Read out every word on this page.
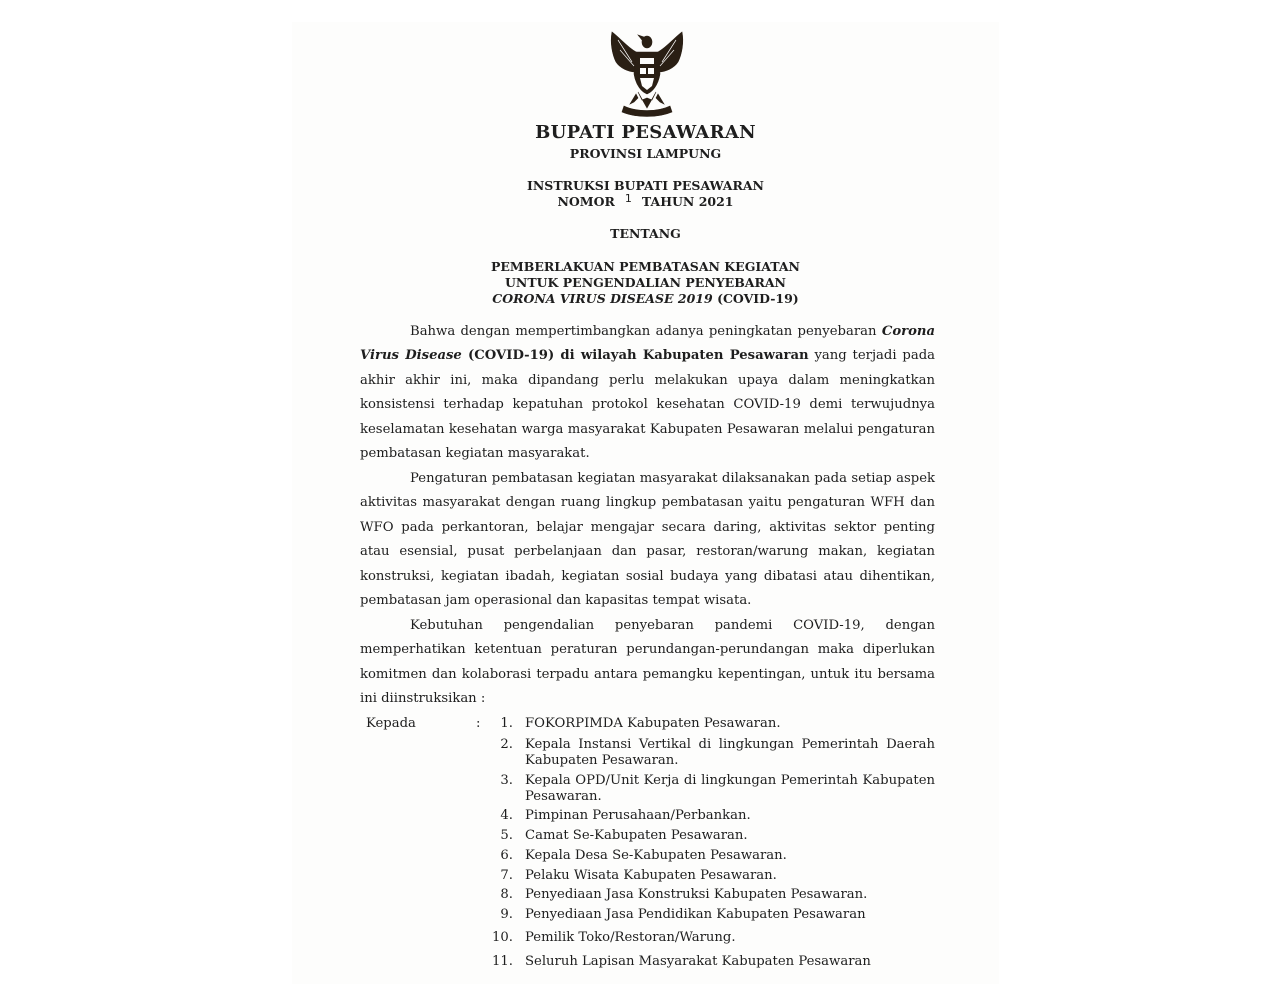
BUPATI PESAWARAN
PROVINSI LAMPUNG
INSTRUKSI BUPATI PESAWARAN
NOMOR 1 TAHUN 2021
TENTANG
PEMBERLAKUAN PEMBATASAN KEGIATAN
UNTUK PENGENDALIAN PENYEBARAN
CORONA VIRUS DISEASE 2019 (COVID-19)

Bahwa dengan mempertimbangkan adanya peningkatan penyebaran Corona Virus Disease (COVID-19) di wilayah Kabupaten Pesawaran yang terjadi pada akhir akhir ini, maka dipandang perlu melakukan upaya dalam meningkatkan konsistensi terhadap kepatuhan protokol kesehatan COVID-19 demi terwujudnya keselamatan kesehatan warga masyarakat Kabupaten Pesawaran melalui pengaturan pembatasan kegiatan masyarakat.

Pengaturan pembatasan kegiatan masyarakat dilaksanakan pada setiap aspek aktivitas masyarakat dengan ruang lingkup pembatasan yaitu pengaturan WFH dan WFO pada perkantoran, belajar mengajar secara daring, aktivitas sektor penting atau esensial, pusat perbelanjaan dan pasar, restoran/warung makan, kegiatan konstruksi, kegiatan ibadah, kegiatan sosial budaya yang dibatasi atau dihentikan, pembatasan jam operasional dan kapasitas tempat wisata.

Kebutuhan pengendalian penyebaran pandemi COVID-19, dengan memperhatikan ketentuan peraturan perundangan-perundangan maka diperlukan komitmen dan kolaborasi terpadu antara pemangku kepentingan, untuk itu bersama ini diinstruksikan :

Kepada	:	1. FOKORPIMDA Kabupaten Pesawaran.
2. Kepala Instansi Vertikal di lingkungan Pemerintah Daerah Kabupaten Pesawaran.
3. Kepala OPD/Unit Kerja di lingkungan Pemerintah Kabupaten Pesawaran.
4. Pimpinan Perusahaan/Perbankan.
5. Camat Se-Kabupaten Pesawaran.
6. Kepala Desa Se-Kabupaten Pesawaran.
7. Pelaku Wisata Kabupaten Pesawaran.
8. Penyediaan Jasa Konstruksi Kabupaten Pesawaran.
9. Penyediaan Jasa Pendidikan Kabupaten Pesawaran
10. Pemilik Toko/Restoran/Warung.
11. Seluruh Lapisan Masyarakat Kabupaten Pesawaran
